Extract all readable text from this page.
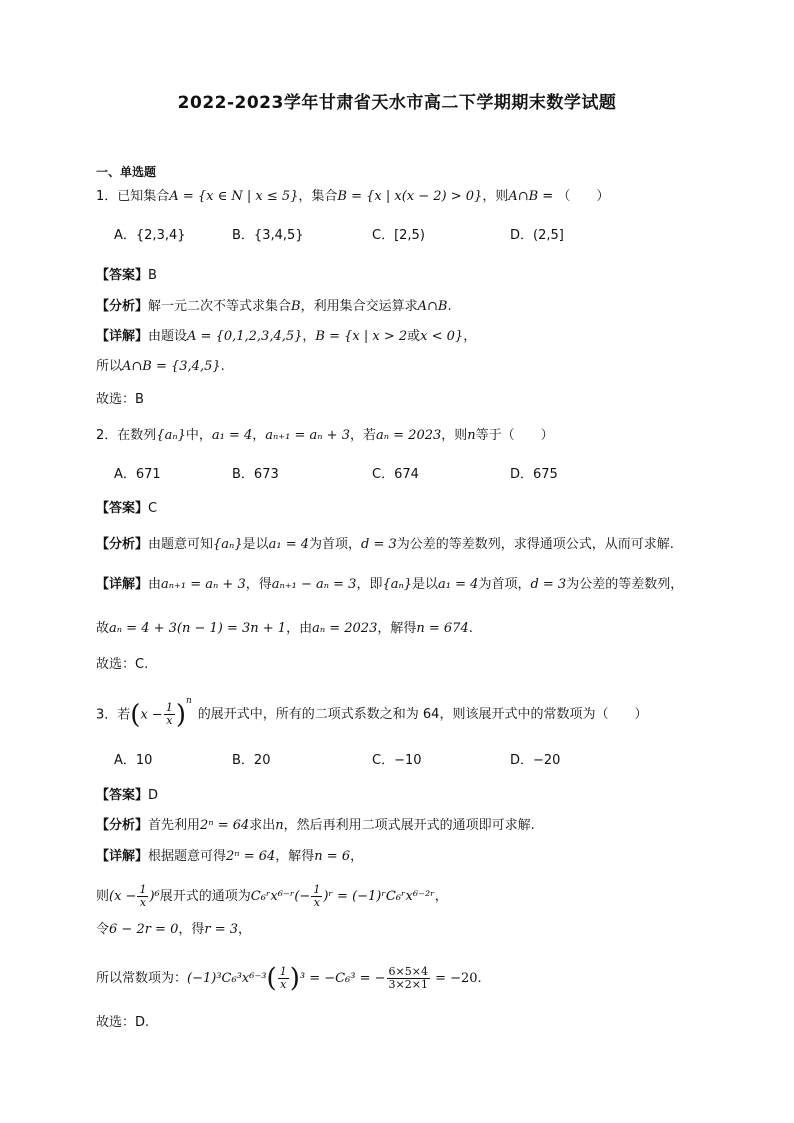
2022-2023学年甘肃省天水市高二下学期期末数学试题
一、单选题
1．已知集合A = {x ∈ N | x ≤ 5}，集合B = {x | x(x − 2) > 0}，则A∩B = （　　）
A．{2,3,4}	B．{3,4,5}	C．[2,5)	D．(2,5]
【答案】B
【分析】解一元二次不等式求集合B，利用集合交运算求A∩B.
【详解】由题设A = {0,1,2,3,4,5}，B = {x | x > 2或x < 0}，
所以A∩B = {3,4,5}.
故选：B
2．在数列{aₙ}中，a₁ = 4，aₙ₊₁ = aₙ + 3，若aₙ = 2023，则n等于（　　）
A．671	B．673	C．674	D．675
【答案】C
【分析】由题意可知{aₙ}是以a₁ = 4为首项，d = 3为公差的等差数列，求得通项公式，从而可求解.
【详解】由aₙ₊₁ = aₙ + 3，得aₙ₊₁ − aₙ = 3，即{aₙ}是以a₁ = 4为首项，d = 3为公差的等差数列，
故aₙ = 4 + 3(n − 1) = 3n + 1，由aₙ = 2023，解得n = 674.
故选：C.
3．若$(x - \frac{1}{x} )^n$的展开式中，所有的二项式系数之和为 64，则该展开式中的常数项为（　　）
A．10	B．20	C．−10	D．−20
【答案】D
【分析】首先利用2ⁿ = 64求出n，然后再利用二项式展开式的通项即可求解.
【详解】根据题意可得2ⁿ = 64，解得n = 6，
则$(x - \frac{1}{x} )^6$展开式的通项为C₆ʳx⁶⁻ʳ(− $\frac{1}{x}$ )ʳ = (−1)ʳC₆ʳx⁶⁻²ʳ，
令6 − 2r = 0，得r = 3，
所以常数项为：$(-1)^3C_6^3x^{6-3}( \frac{1}{x} )^3 = -C_6^3$ = − $\frac{6\times 5\times 4}{3\times 2\times 1} = -20$.
故选：D.
